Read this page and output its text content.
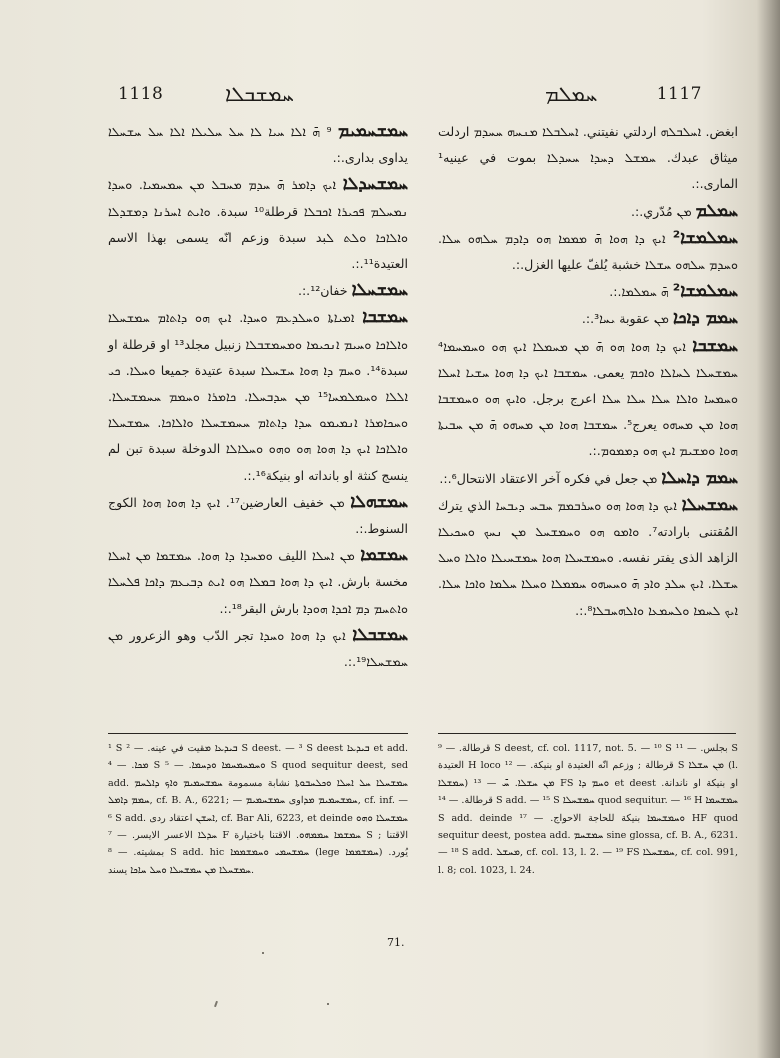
1118	ܚܡܫܒܠܐ	ܚܡܠܡ	1117

ܚܡܫܚܡܝܡ ⁹ ܗ̄ ܐܠܐ ܚܝܐ ܠܐ ܚܠ ܚܠܝܠܐ ܐܠܐ ܚܠ ܚܫܚܠܐ يداوى بدارى.:.

ܚܡܫܚܕܠܐ ܐܝܟ ܕܐܡܪ ܗ̄ ܚܕܡ ܡܚܒܠ ܡܢ ܚܡܚܡܝܐ. ܘܚܕܐ ܢܡܚܠܡ ܦܟܝܪܐ ܐܟܒܠܐ قرطلة¹⁰ سبدة. ܘܐܝܬ ܐܚܪܢܐ ܕܡܫܕܠܐ ܘܐܠܐܟܐ ܘܠܬ ܠبد سبدة وزعم انّه يسمى بهذا الاسم العتيدة¹¹.:.

ܚܡܫܚܠܐ خفان¹².:.

ܚܡܫܒܐ ܐܡܝܐܬܐ ܘܚܠܕܥܡ ܘܚܕܐ. ܐܝܟ ܗܘ ܕܐܬܐܡ ܚܡܫܚܠܐ ܘܐܠܐܟܐ ܘܚܝܡ ܐܢܟܝܡܐ ܘܡܚܡܫܒܠܐ زنبيل مجلد¹³ او قرطلة او سبدة¹⁴. ܘܚܡ ܕܐ ܗܘܐ ܚܫܚܠܐ سبدة عتيدة جميعا ܘܚܠܐ. ܟܝ ܐܠܠܐ ܘܚܡܠܡܚܐ¹⁵ ܡܢ ܚܕܒܚܠܐ. ܟܐܡܪܐ ܘܚܡܡ ܚܚܡܫܚܠܐ. ܘܚܟܐܡܪܐ ܐܢܡܝܡܘ ܚܕܐ ܕܐܬܐܡ ܚܚܡܫܚܠܐ ܘܐܠܐܟܐ. ܚܡܫܚܠܐ ܘܐܠܐܟܐ ܐܝܟ ܕܐ ܗܘܐ ܗܘ ܘܗܘ ܘܚܠܐܠܐ الدوخلة سبدة تبن لم ينسج كنثة او بانداته او بنيكة¹⁶.:.

ܚܡܫܗܠܐ ܡܢ خفيف العارضين¹⁷. ܐܝܟ ܕܐ ܗܘܐ ܗܘܐ الكوج السنوط.:.

ܚܡܫܡܐ ܡܢ ܐܚܠܐ الليف ܘܡܚܕܐ ܕܐ ܗܘܐ. ܚܡܫܡܐ ܡܢ ܐܚܠܐ مخسة بارش. ܐܝܟ ܕܐ ܗܘܐ ܒܡܠܐ ܗܘ ܐܝܬ ܕܒܝܥܡ ܕܐܟܐ ܦܠܚܠܐ ܘܐܬܚܡ ܕܡ ܐܟܕܐ ܗܘܕܐ بارش البقر¹⁸.:.

ܚܡܫܒܠܐ ܐܝܟ ܕܐ ܗܘܐ ܘܚܕܐ تجر الدّب وهو الزعرور ܡܢ ܚܡܫܚܠܐ¹⁹.:.

ابغض. ܐܚܠܒܠܗ اردلتي نفيتني. ܐܚܠܒܠܐ ܡܢܚܗ ܚܚܕܡ اردلت ميثاق عبدك. ܚܡܫܠ ܕܚܕܐ ܚܚܕܠܐ بموت في عينيه¹ المارى.:.

ܚܡܠܡ ܡܢ مُدّري.:.

ܚܡܠܡܫܐ² ܐܝܟ ܕܐ ܗܘܐ ܗ̄ ܡܡܡܐ ܗܘ ܕܐܕܡ ܚܠܗܘ ܚܠܐ. ܘܚܕܡ ܚܠܗܘ ܚܫܠܐ خشبة يُلفّ عليها الغزل.:.

ܚܡܠܡܫܐ² ܗ̄ ܚܡܠܡܐ.:.

ܚܡܡ ܕܐܟܐ ܡܢ عقوبة ܝܚܐ³.:.

ܚܡܫܒܐ ܐܝܟ ܕܐ ܗܘܐ ܗܘ ܗ̄ ܡܢ ܡܚܡܠܐ ܐܝܟ ܗܘ ܘܚܡܚܡܐ⁴ ܚܡܫܚܠܐ ܠܚܐܠܐ ܘܐܟܡ يعمى. ܚܡܫܒܐ ܐܝܟ ܕܐ ܗܘܐ ܚܫܝܐ ܐܚܠܐ ܘܚܡܚܐ ܘܐܠܐ ܚܠܐ ܚܠܐ ܚܠܐ اعرج برجل. ܘܐܝܟ ܗܘ ܘܚܡܫܒܐ ܗܘܐ ܡܢ ܡܚܗܘ يعرج⁵. ܚܡܫܒܐ ܗܘܐ ܡܢ ܡܚܗܘ ܗ̄ ܡܢ ܚܒܝܬܐ ܗܘܐ ܘܡܫܝܡ ܐܝܟ ܗܘ ܕܡܡܘܡ.:.

ܚܡܡ ܕܐܚܠܐ ܡܢ جعل في فكره آخر الاعتقاد الانتحال⁶.:.

ܚܡܫܚܠܐ ܐܝܟ ܕܐ ܗܘܐ ܗܘ ܘܚܪܒܡܡ ܚܒܚ ܕܝܒܚܐ الذي يترك المُقتنى بارادته⁷. ܘܐܡܘ ܗܘ ܘܚܡܫܚܠ ܡܢ ܢܚܟ ܘܚܟܝܠܐ الزاهد الذى يفتر نفسه. ܘܚܡܫܚܠܐ ܗܘܐ ܚܡܫܚܝܠܐ ܘܐܠܐ ܘܚܠ ܚܫܠܐ. ܐܝܟ ܚܠܕ ܘܐܕ ܗ̄ ܘܚܚܗܘ ܚܡܡܠܐ ܘܚܠܐ ܚܠܡܐ ܘܐܟܐ ܚܠܐ. ܐܝܟ ܠܚܡܐ ܘܠܚܡܥܐ ܘܐܠܗܚܒܠܐ⁸.:.

¹ S ܒܝܕܥܐ ܡقيت في عينه. — ² S deest. — ³ S deest ܒܝܕܥܐ et add. ܡܟܐ. — ⁴ S ܘܚܡܚܡܚܡܐ ܘܕܚܡܐ. — ⁵ S quod sequitur deest, sed add. ܚܡܫܚܠܐ ܚܠ ܐܚܠܐ ܘܟܠܚܒܘܬܐ نشابة مسمومة ܚܡܫܚܡܝܡ ܘܐܟ ܕܐܠܚܡ ܚܡܡ ܕܐܡܠ, cf. B. A., 6221; — ܚܡܫܚܡܝܡ ܡܕاوى ܚܡܫܚܡܝܡ, cf. inf. — ⁶ S add. ܐܚܫܢ اعتقاد ردى, cf. Bar Ali, 6223, et deinde ܚܡܫܚܠܐ ܘܗܘ ܚܕܠܐ الاعسر الايسر. — ⁷ F ܚܡܫܡܐ ܚܡܡܗܘ. الاقتنا باختيارة S ; الاقتنا بمشيته. — ⁸ S add. hic ܚܡܫܚܡܝ ܘܚܡܫܡܡܐ (lege ܚܡܫܡܡܐ) يُورد. ܚܡܫܚܠܐ ܡܢ ܚܡܫܚܠܐ ܘܚܠ ܚܐܟܐ يسند.

قرطالة. — ⁹ S deest, cf. col. 1117, not. 5. — ¹⁰ S بجلس. — ¹¹ S العتيدة H loco قرطالة ; وزعم انّه العتيدة او بنيكة. — ¹² S ܡܢ ܚܫܠܐ (l. ܚܡܫܠܐ) ܡܢ ܚܫܠܐ. ܚ̄ — ¹³ FS ܘܚܡ ܕܐ et deest او بنيكة او ناندانة. قرطالة. — ¹⁴ S add. — ¹⁵ S ܚܡܫܚܠܐ quod sequitur. — ¹⁶ H ܚܡܫܚܡܐ S add. deinde ܘܚܡܫܚܡܐ بنيكة للحاجة الاحواج. — ¹⁷ HF quod sequitur deest, postea add. ܚܡܫܚܡ sine glossa, cf. B. A., 6231. — ¹⁸ S add. ܡܚܫܠ, cf. col. 13, l. 2. — ¹⁹ FS ܚܡܫܚܠܐ, cf. col. 991, l. 8; col. 1023, l. 24.

71.
